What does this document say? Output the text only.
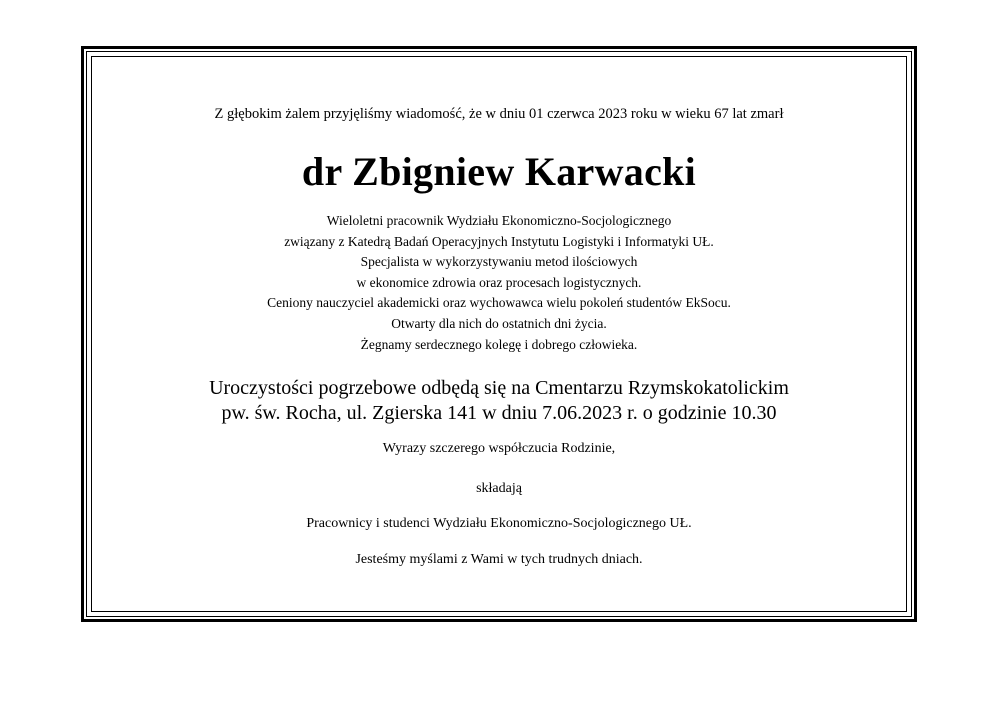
Z głębokim żalem przyjęliśmy wiadomość, że w dniu 01 czerwca 2023 roku w wieku 67 lat zmarł
dr Zbigniew Karwacki
Wieloletni pracownik Wydziału Ekonomiczno-Socjologicznego
związany z Katedrą Badań Operacyjnych Instytutu Logistyki i Informatyki UŁ.
Specjalista w wykorzystywaniu metod ilościowych
w ekonomice zdrowia oraz procesach logistycznych.
Ceniony nauczyciel akademicki oraz wychowawca wielu pokoleń studentów EkSocu.
Otwarty dla nich do ostatnich dni życia.
Żegnamy serdecznego kolegę i dobrego człowieka.
Uroczystości pogrzebowe odbędą się na Cmentarzu Rzymskokatolickim
pw. św. Rocha, ul. Zgierska 141 w dniu 7.06.2023 r. o godzinie 10.30
Wyrazy szczerego współczucia Rodzinie,
składają
Pracownicy i studenci Wydziału Ekonomiczno-Socjologicznego UŁ.
Jesteśmy myślami z Wami w tych trudnych dniach.
